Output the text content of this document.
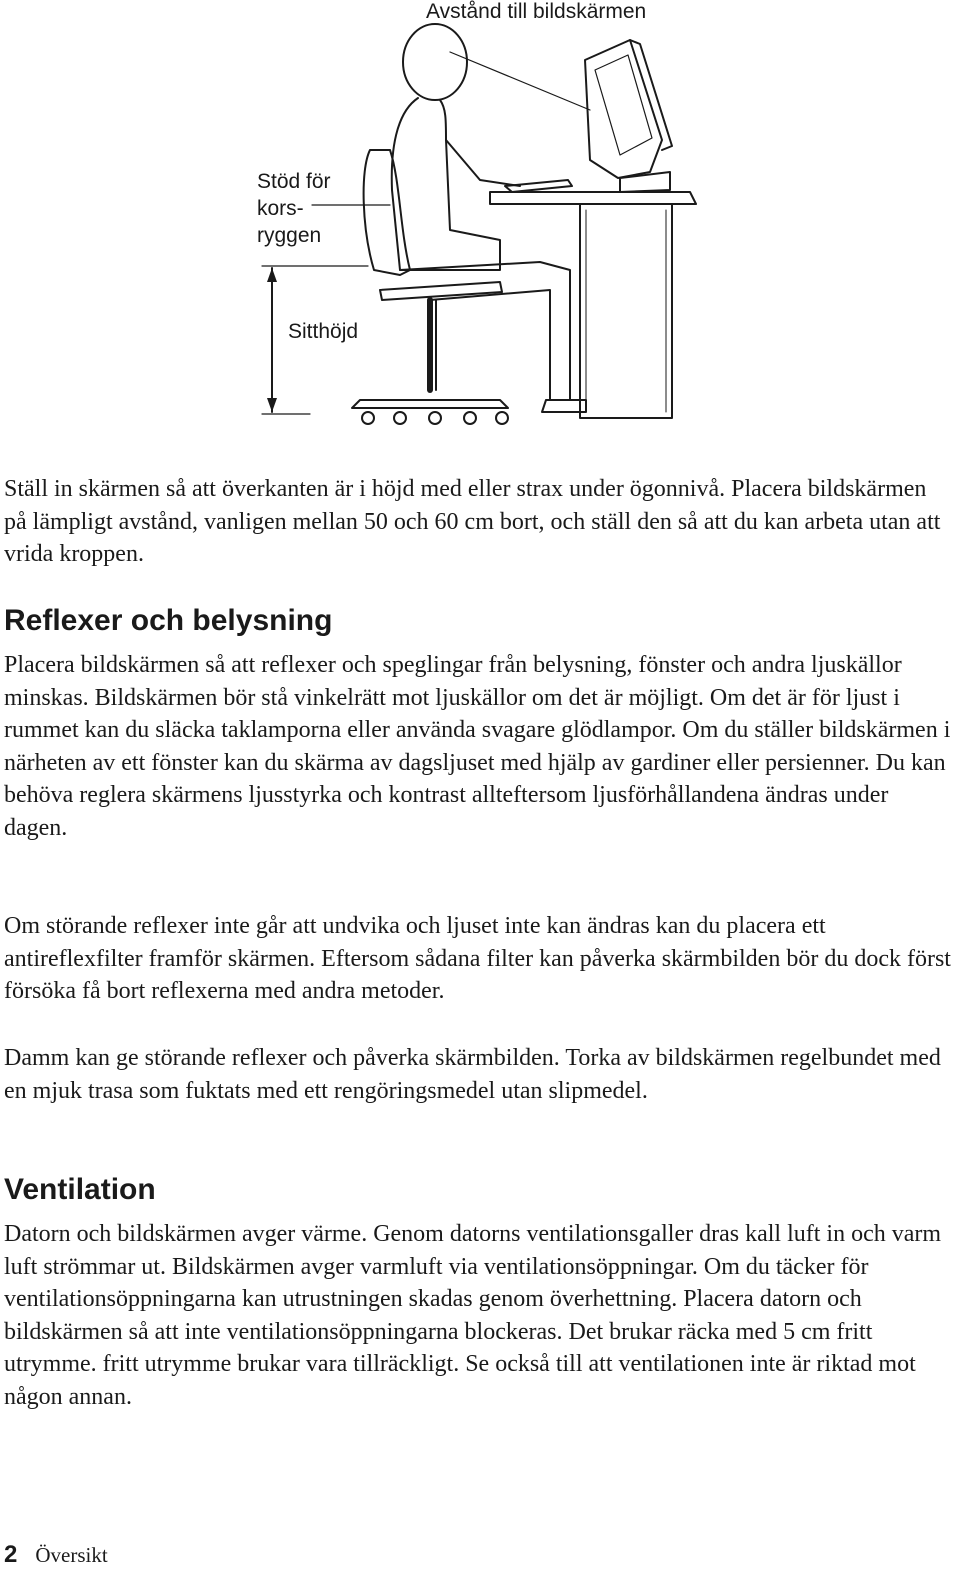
Avstånd till bildskärmen
Stöd för
kors-
ryggen
Sitthöjd

Ställ in skärmen så att överkanten är i höjd med eller strax under ögonnivå. Placera bildskärmen på lämpligt avstånd, vanligen mellan 50 och 60 cm bort, och ställ den så att du kan arbeta utan att vrida kroppen.

Reflexer och belysning

Placera bildskärmen så att reflexer och speglingar från belysning, fönster och andra ljuskällor minskas. Bildskärmen bör stå vinkelrätt mot ljuskällor om det är möjligt. Om det är för ljust i rummet kan du släcka taklamporna eller använda svagare glödlampor. Om du ställer bildskärmen i närheten av ett fönster kan du skärma av dagsljuset med hjälp av gardiner eller persienner. Du kan behöva reglera skärmens ljusstyrka och kontrast allteftersom ljusförhållandena ändras under dagen.

Om störande reflexer inte går att undvika och ljuset inte kan ändras kan du placera ett antireflexfilter framför skärmen. Eftersom sådana filter kan påverka skärmbilden bör du dock först försöka få bort reflexerna med andra metoder.

Damm kan ge störande reflexer och påverka skärmbilden. Torka av bildskärmen regelbundet med en mjuk trasa som fuktats med ett rengöringsmedel utan slipmedel.

Ventilation

Datorn och bildskärmen avger värme. Genom datorns ventilationsgaller dras kall luft in och varm luft strömmar ut. Bildskärmen avger varmluft via ventilationsöppningar. Om du täcker för ventilationsöppningarna kan utrustningen skadas genom överhettning. Placera datorn och bildskärmen så att inte ventilationsöppningarna blockeras. Det brukar räcka med 5 cm fritt utrymme. fritt utrymme brukar vara tillräckligt. Se också till att ventilationen inte är riktad mot någon annan.

2 Översikt
